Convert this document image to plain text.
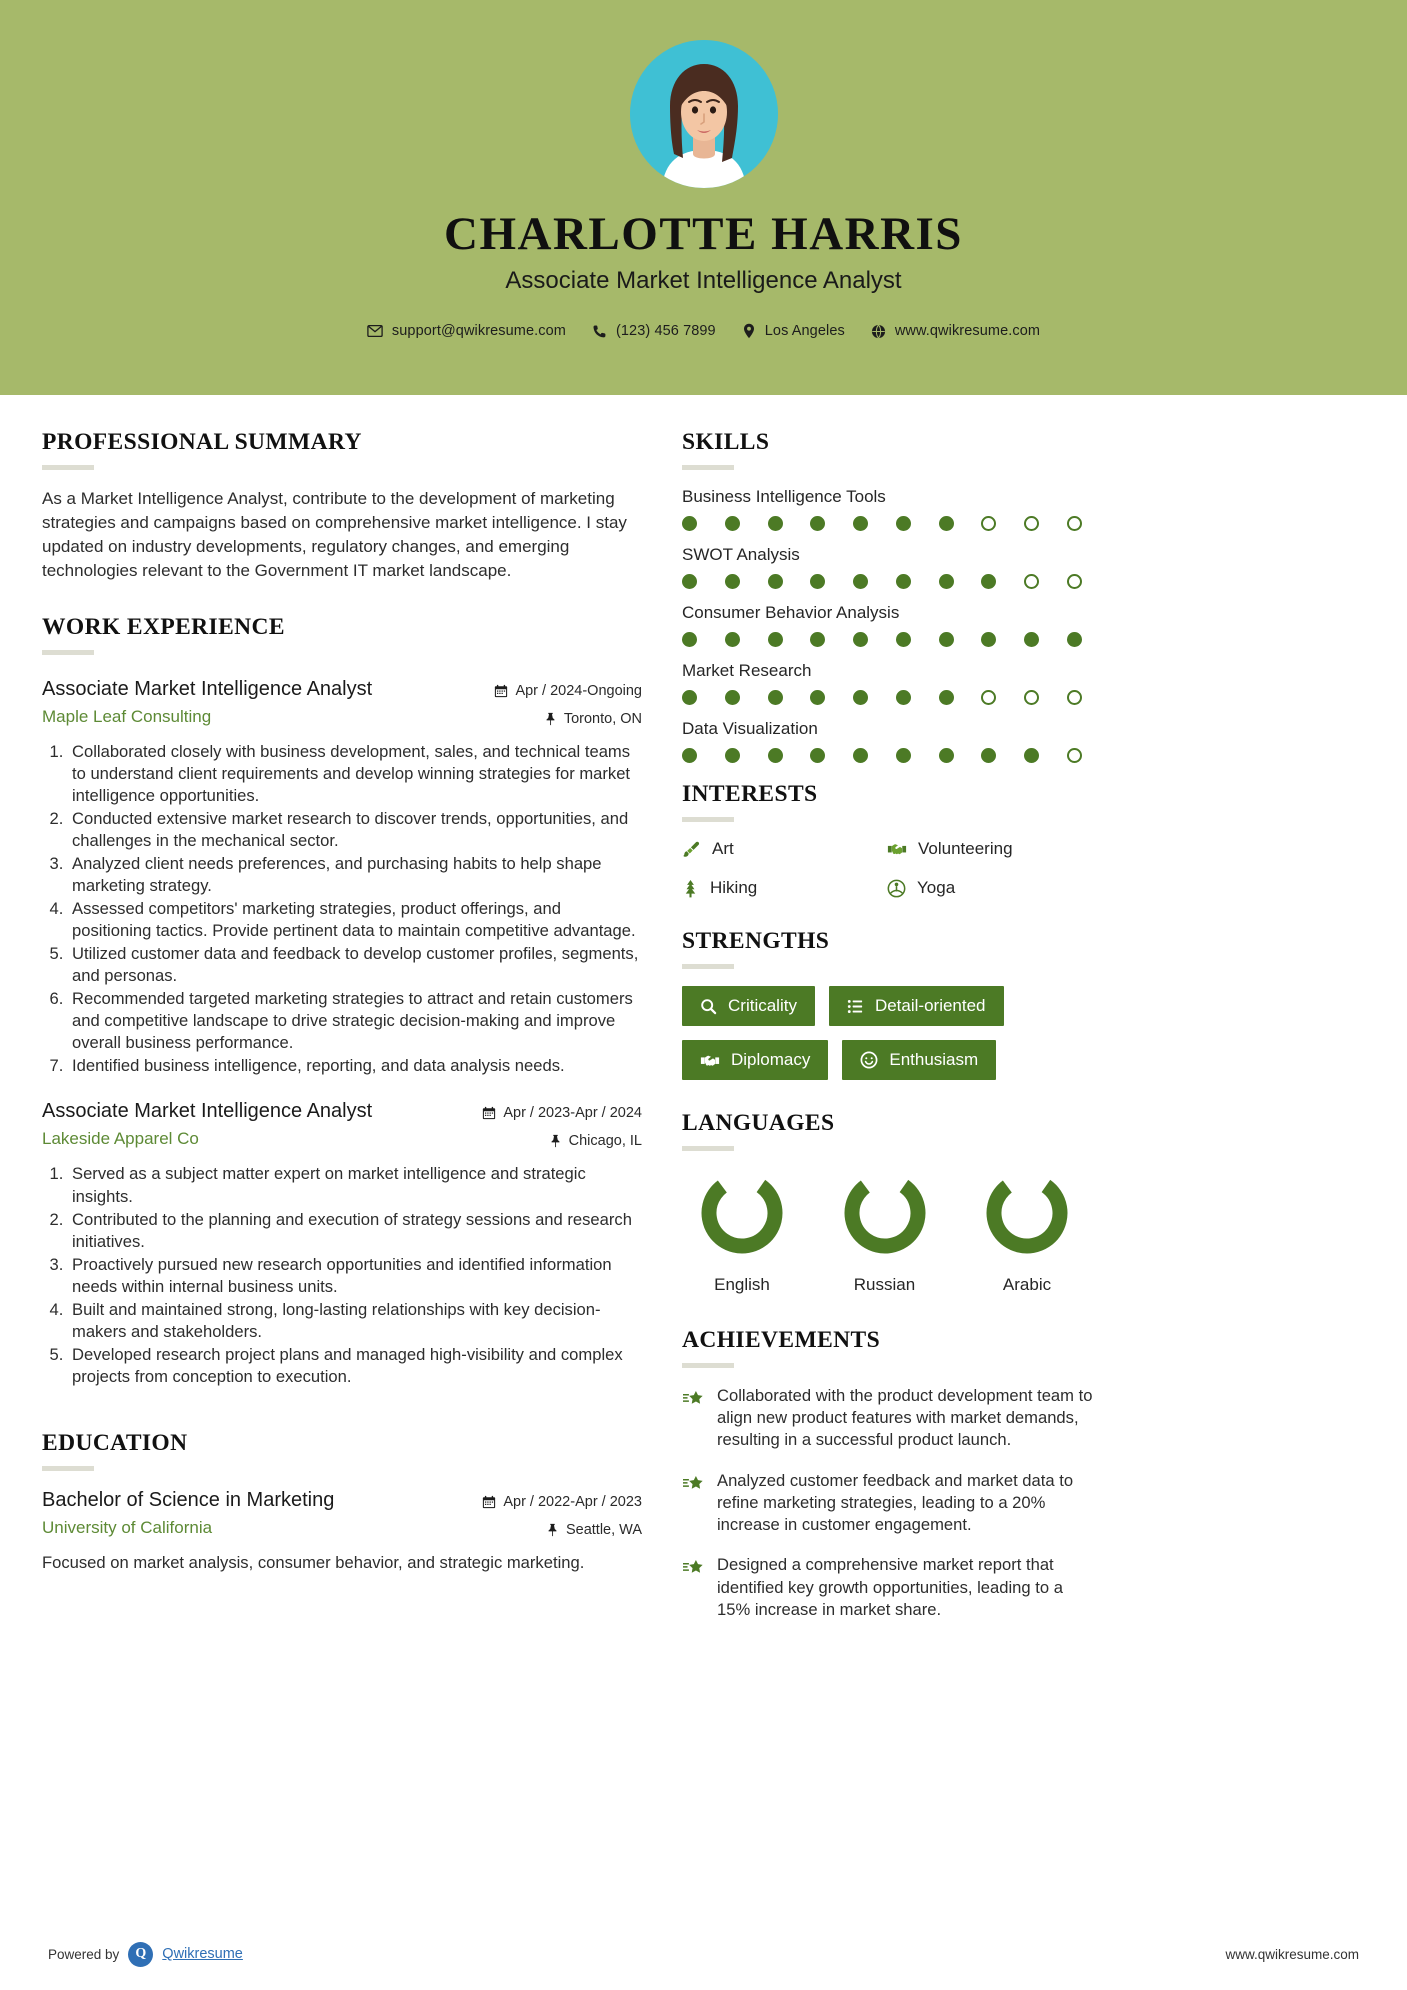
CHARLOTTE HARRIS
Associate Market Intelligence Analyst
support@qwikresume.com	(123) 456 7899	Los Angeles	www.qwikresume.com
PROFESSIONAL SUMMARY
As a Market Intelligence Analyst, contribute to the development of marketing strategies and campaigns based on comprehensive market intelligence. I stay updated on industry developments, regulatory changes, and emerging technologies relevant to the Government IT market landscape.
WORK EXPERIENCE
Associate Market Intelligence Analyst
Maple Leaf Consulting
Apr / 2024-Ongoing
Toronto, ON
1. Collaborated closely with business development, sales, and technical teams to understand client requirements and develop winning strategies for market intelligence opportunities.
2. Conducted extensive market research to discover trends, opportunities, and challenges in the mechanical sector.
3. Analyzed client needs preferences, and purchasing habits to help shape marketing strategy.
4. Assessed competitors' marketing strategies, product offerings, and positioning tactics. Provide pertinent data to maintain competitive advantage.
5. Utilized customer data and feedback to develop customer profiles, segments, and personas.
6. Recommended targeted marketing strategies to attract and retain customers and competitive landscape to drive strategic decision-making and improve overall business performance.
7. Identified business intelligence, reporting, and data analysis needs.
Associate Market Intelligence Analyst
Lakeside Apparel Co
Apr / 2023-Apr / 2024
Chicago, IL
1. Served as a subject matter expert on market intelligence and strategic insights.
2. Contributed to the planning and execution of strategy sessions and research initiatives.
3. Proactively pursued new research opportunities and identified information needs within internal business units.
4. Built and maintained strong, long-lasting relationships with key decision-makers and stakeholders.
5. Developed research project plans and managed high-visibility and complex projects from conception to execution.
EDUCATION
Bachelor of Science in Marketing
University of California
Apr / 2022-Apr / 2023
Seattle, WA
Focused on market analysis, consumer behavior, and strategic marketing.
SKILLS
Business Intelligence Tools
SWOT Analysis
Consumer Behavior Analysis
Market Research
Data Visualization
INTERESTS
Art	Volunteering
Hiking	Yoga
STRENGTHS
Criticality	Detail-oriented
Diplomacy	Enthusiasm
LANGUAGES
English	Russian	Arabic
ACHIEVEMENTS
Collaborated with the product development team to align new product features with market demands, resulting in a successful product launch.
Analyzed customer feedback and market data to refine marketing strategies, leading to a 20% increase in customer engagement.
Designed a comprehensive market report that identified key growth opportunities, leading to a 15% increase in market share.
Powered by	Q	Qwikresume	www.qwikresume.com
